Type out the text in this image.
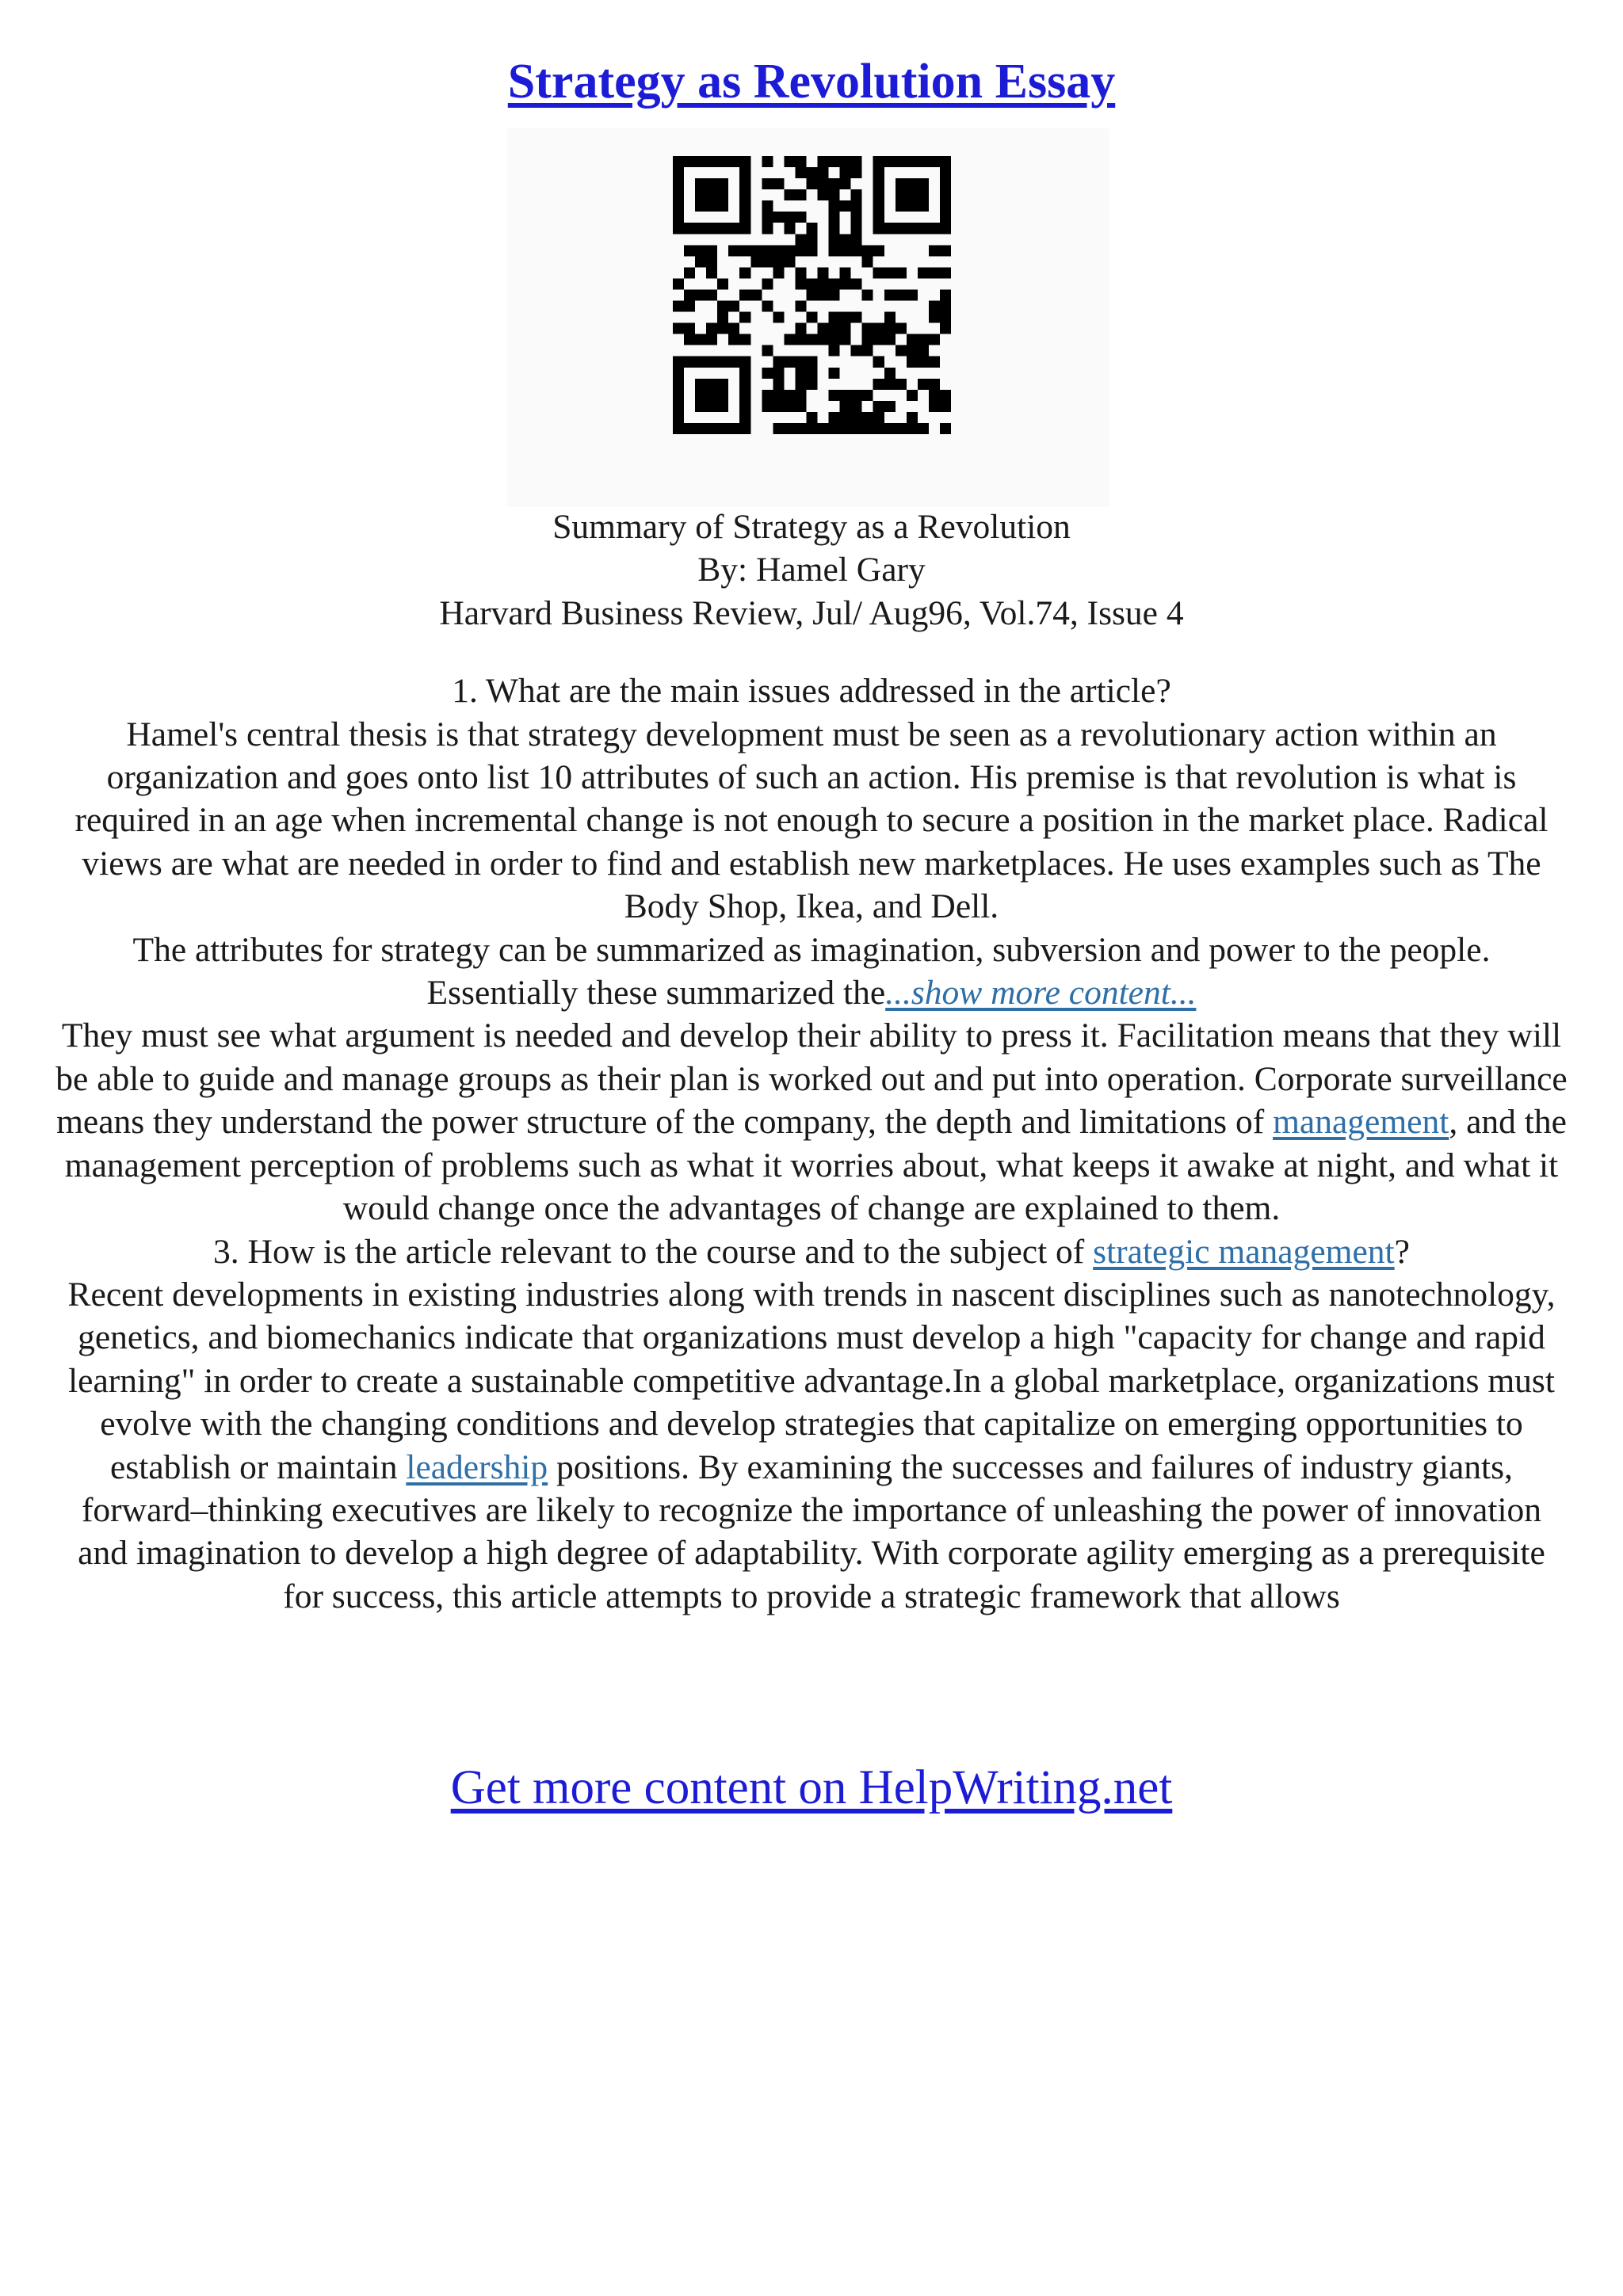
Strategy as Revolution Essay

Summary of Strategy as a Revolution

By: Hamel Gary

Harvard Business Review, Jul/ Aug96, Vol.74, Issue 4

1. What are the main issues addressed in the article?

Hamel's central thesis is that strategy development must be seen as a revolutionary action within an organization and goes onto list 10 attributes of such an action. His premise is that revolution is what is required in an age when incremental change is not enough to secure a position in the market place. Radical views are what are needed in order to find and establish new marketplaces. He uses examples such as The Body Shop, Ikea, and Dell.

The attributes for strategy can be summarized as imagination, subversion and power to the people.

Essentially these summarized the...show more content...

They must see what argument is needed and develop their ability to press it. Facilitation means that they will be able to guide and manage groups as their plan is worked out and put into operation. Corporate surveillance means they understand the power structure of the company, the depth and limitations of management, and the management perception of problems such as what it worries about, what keeps it awake at night, and what it would change once the advantages of change are explained to them.

3. How is the article relevant to the course and to the subject of strategic management?

Recent developments in existing industries along with trends in nascent disciplines such as nanotechnology, genetics, and biomechanics indicate that organizations must develop a high "capacity for change and rapid learning" in order to create a sustainable competitive advantage.In a global marketplace, organizations must evolve with the changing conditions and develop strategies that capitalize on emerging opportunities to establish or maintain leadership positions. By examining the successes and failures of industry giants, forward–thinking executives are likely to recognize the importance of unleashing the power of innovation and imagination to develop a high degree of adaptability. With corporate agility emerging as a prerequisite for success, this article attempts to provide a strategic framework that allows

Get more content on HelpWriting.net
